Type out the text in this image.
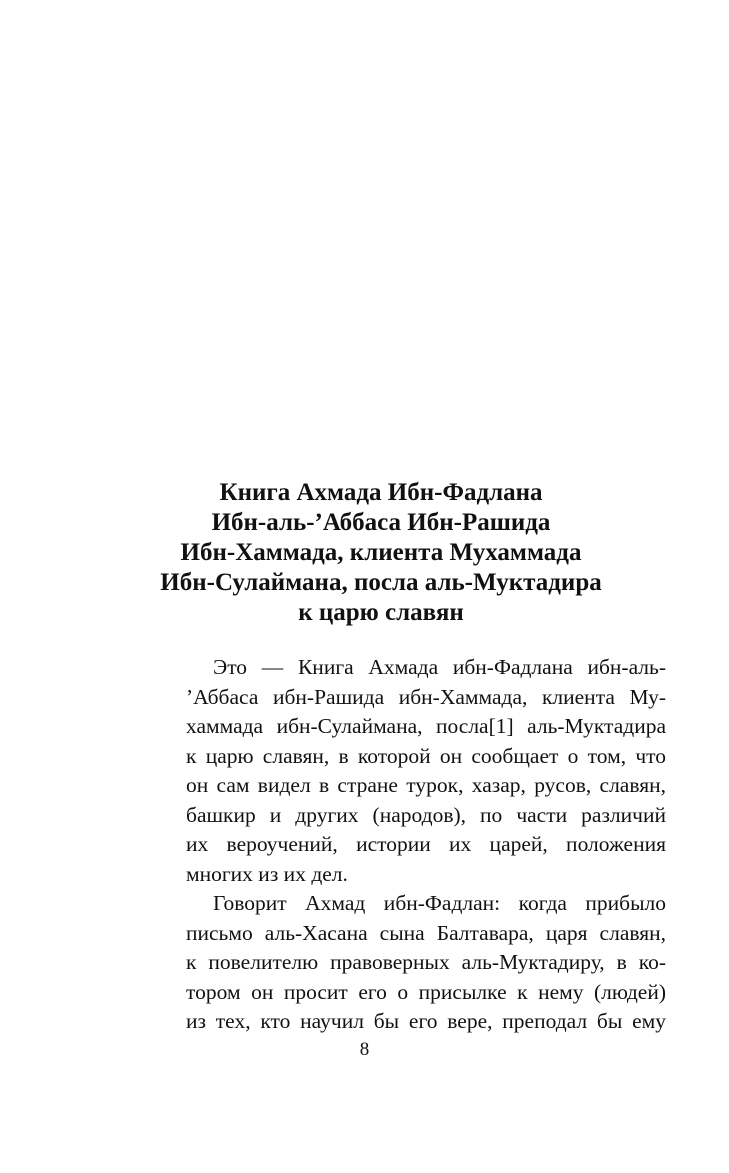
Книга Ахмада Ибн-Фадлана
Ибн-аль-’Аббаса Ибн-Рашида
Ибн-Хаммада, клиента Мухаммада
Ибн-Сулаймана, посла аль-Муктадира
к царю славян
Это — Книга Ахмада ибн-Фадлана ибн-аль-
’Аббаса ибн-Рашида ибн-Хаммада, клиента Му-
хаммада ибн-Сулаймана, посла[1] аль-Муктадира
к царю славян, в которой он сообщает о том, что
он сам видел в стране турок, хазар, русов, славян,
башкир и других (народов), по части различий
их вероучений, истории их царей, положения
многих из их дел.
Говорит Ахмад ибн-Фадлан: когда прибыло
письмо аль-Хасана сына Балтавара, царя славян,
к повелителю правоверных аль-Муктадиру, в ко-
тором он просит его о присылке к нему (людей)
из тех, кто научил бы его вере, преподал бы ему
8
